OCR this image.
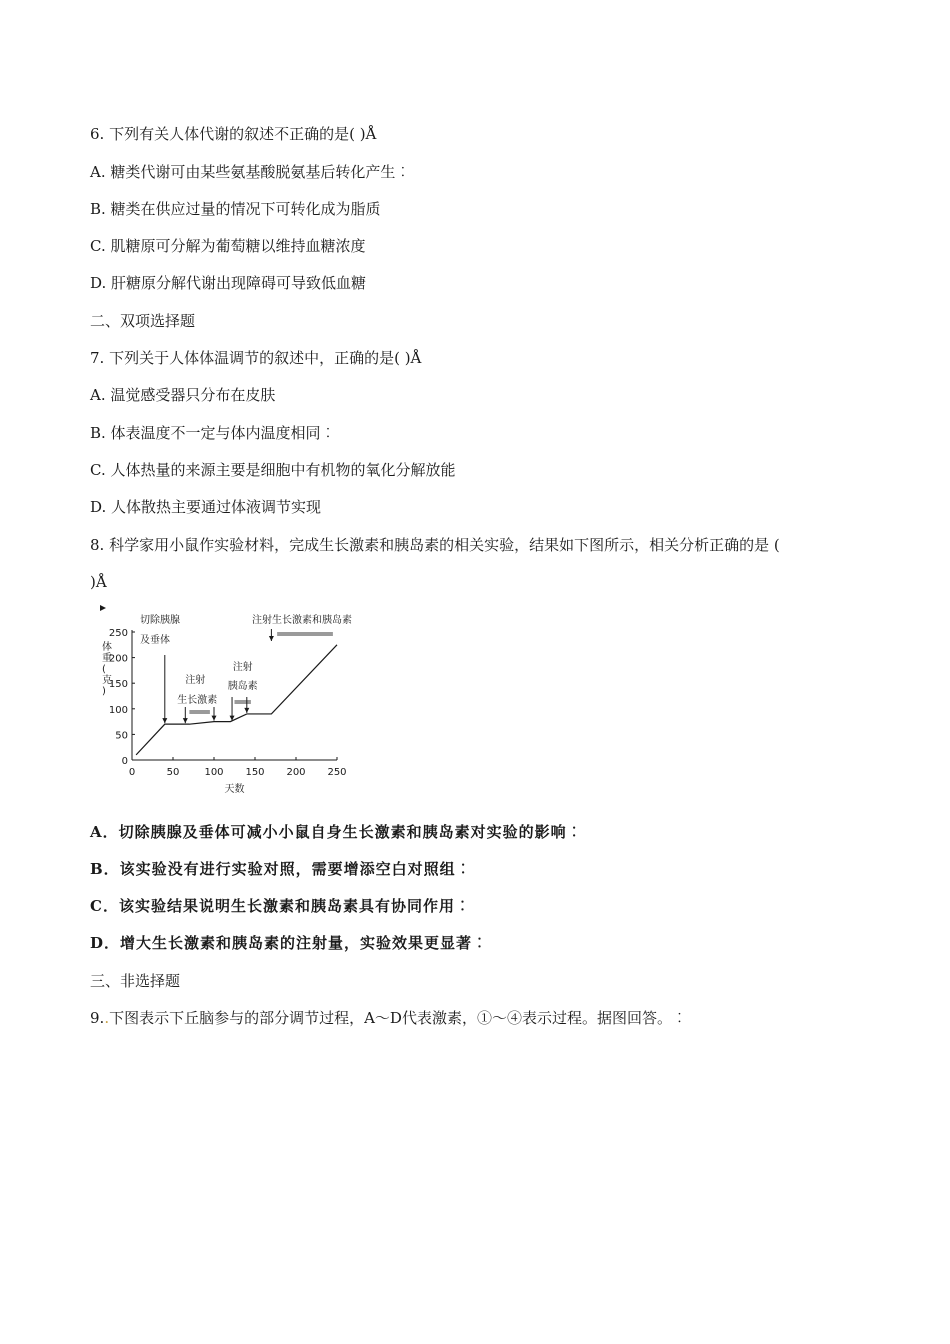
6. 下列有关人体代谢的叙述不正确的是( )Å
A. 糖类代谢可由某些氨基酸脱氨基后转化产生︰
B. 糖类在供应过量的情况下可转化成为脂质
C. 肌糖原可分解为葡萄糖以维持血糖浓度
D. 肝糖原分解代谢出现障碍可导致低血糖
二、双项选择题
7. 下列关于人体体温调节的叙述中，正确的是( )Å
A. 温觉感受器只分布在皮肤
B. 体表温度不一定与体内温度相同︰
C. 人体热量的来源主要是细胞中有机物的氧化分解放能
D. 人体散热主要通过体液调节实现
8. 科学家用小鼠作实验材料，完成生长激素和胰岛素的相关实验，结果如下图所示，相关分析正确的是 (
)Å
0
50
100
150
200
250
0	50	100 150 200 250
天数
体
重
(
克
)
切除胰腺
及垂体
注射
生长激素
注射
胰岛素
注射生长激素和胰岛素
A．切除胰腺及垂体可减小小鼠自身生长激素和胰岛素对实验的影响︰
B．该实验没有进行实验对照，需要增添空白对照组︰
C．该实验结果说明生长激素和胰岛素具有协同作用︰
D．增大生长激素和胰岛素的注射量，实验效果更显著︰
三、非选择题
9..下图表示下丘脑参与的部分调节过程，A～D代表激素，①～④表示过程。据图回答。︰
